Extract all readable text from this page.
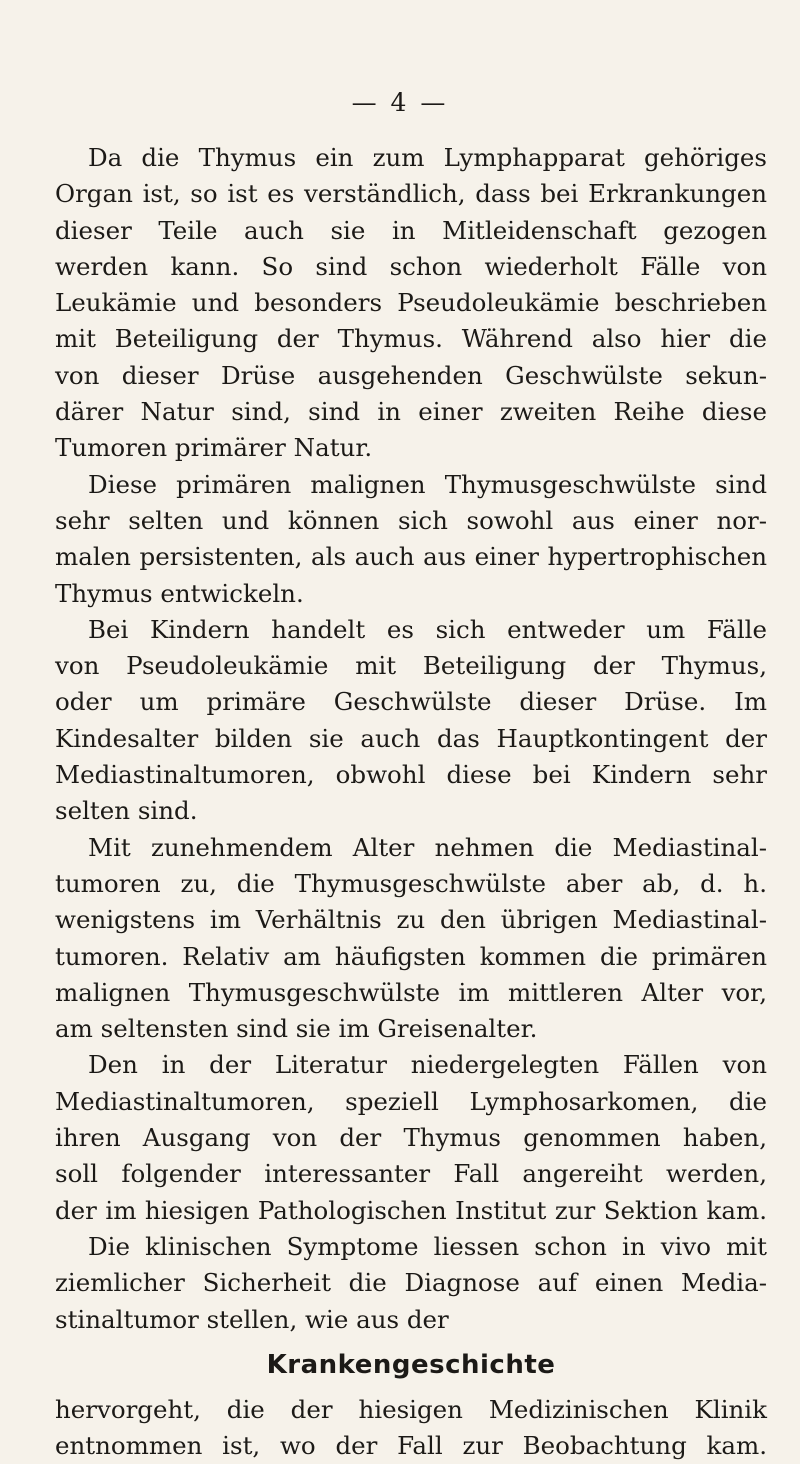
— 4 —
Da die Thymus ein zum Lymphapparat gehöriges
Organ ist, so ist es verständlich, dass bei Erkrankungen
dieser Teile auch sie in Mitleidenschaft gezogen
werden kann. So sind schon wiederholt Fälle von
Leukämie und besonders Pseudoleukämie beschrieben
mit Beteiligung der Thymus. Während also hier die
von dieser Drüse ausgehenden Geschwülste sekun-
därer Natur sind, sind in einer zweiten Reihe diese
Tumoren primärer Natur.
Diese primären malignen Thymusgeschwülste sind
sehr selten und können sich sowohl aus einer nor-
malen persistenten, als auch aus einer hypertrophischen
Thymus entwickeln.
Bei Kindern handelt es sich entweder um Fälle
von Pseudoleukämie mit Beteiligung der Thymus,
oder um primäre Geschwülste dieser Drüse. Im
Kindesalter bilden sie auch das Hauptkontingent der
Mediastinaltumoren, obwohl diese bei Kindern sehr
selten sind.
Mit zunehmendem Alter nehmen die Mediastinal-
tumoren zu, die Thymusgeschwülste aber ab, d. h.
wenigstens im Verhältnis zu den übrigen Mediastinal-
tumoren. Relativ am häufigsten kommen die primären
malignen Thymusgeschwülste im mittleren Alter vor,
am seltensten sind sie im Greisenalter.
Den in der Literatur niedergelegten Fällen von
Mediastinaltumoren, speziell Lymphosarkomen, die
ihren Ausgang von der Thymus genommen haben,
soll folgender interessanter Fall angereiht werden,
der im hiesigen Pathologischen Institut zur Sektion kam.
Die klinischen Symptome liessen schon in vivo mit
ziemlicher Sicherheit die Diagnose auf einen Media-
stinaltumor stellen, wie aus der
Krankengeschichte
hervorgeht, die der hiesigen Medizinischen Klinik
entnommen ist, wo der Fall zur Beobachtung kam.
